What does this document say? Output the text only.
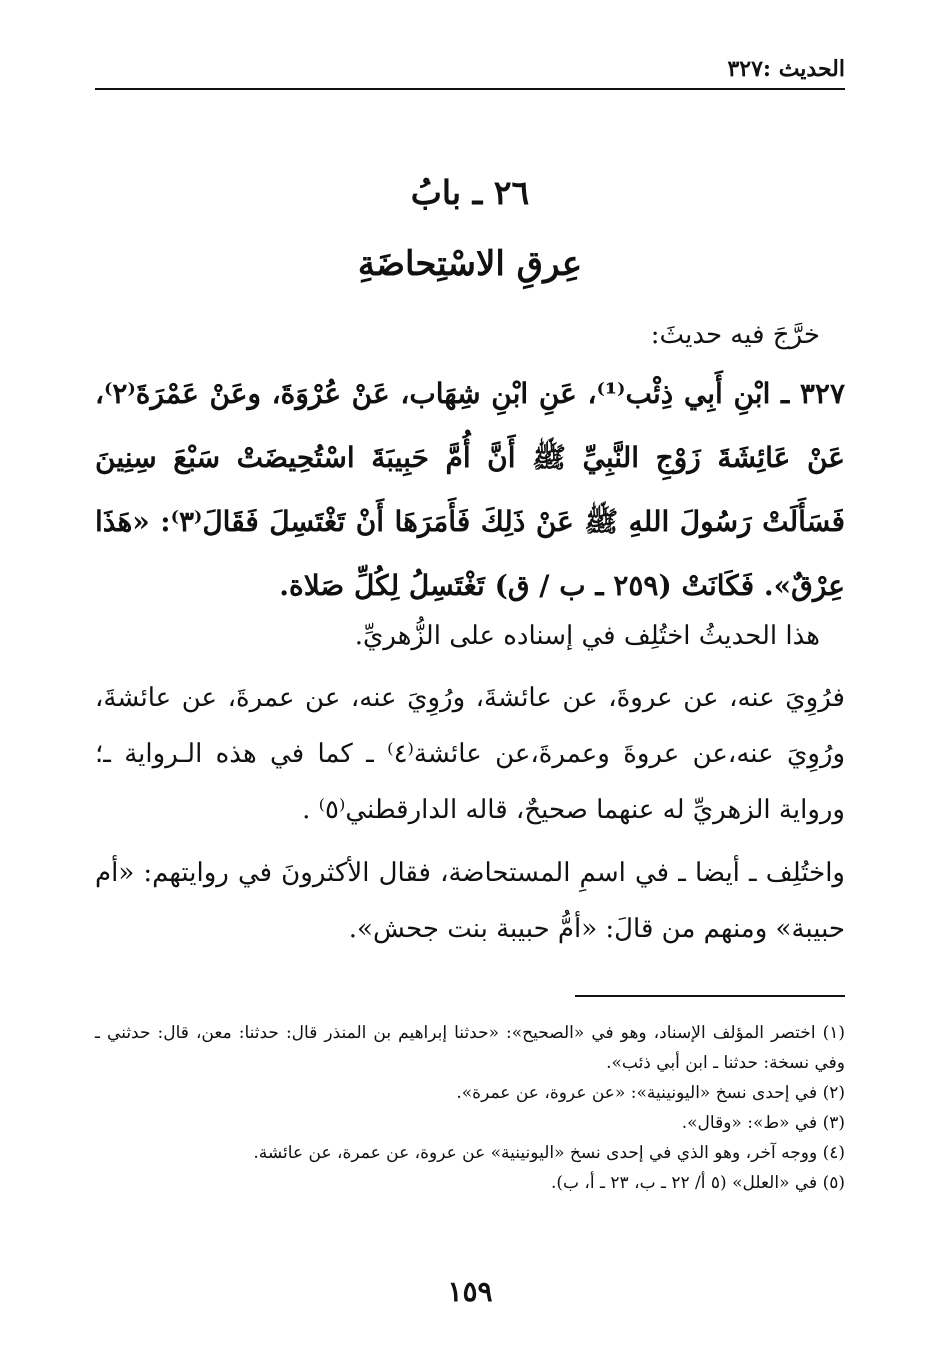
الحديث :٣٢٧
٢٦ ـ بابُ
عِرقِ الاسْتِحاضَةِ
خرَّجَ فيه حديثَ:
٣٢٧ ـ ابْنِ أَبِي ذِئْب⁽¹⁾، عَنِ ابْنِ شِهَاب، عَنْ عُرْوَةَ، وعَنْ عَمْرَةَ⁽٢⁾، عَنْ عَائِشَةَ زَوْجِ النَّبِيِّ ﷺ أَنَّ أُمَّ حَبِيبَةَ اسْتُحِيضَتْ سَبْعَ سِنِينَ فَسَأَلَتْ رَسُولَ اللهِ ﷺ عَنْ ذَلِكَ فَأَمَرَهَا أَنْ تَغْتَسِلَ فَقَالَ⁽٣⁾: «هَذَا عِرْقٌ». فَكَانَتْ (٢٥٩ ـ ب / ق) تَغْتَسِلُ لِكُلِّ صَلاة.
هذا الحديثُ اختُلِف في إسناده على الزُّهريِّ.
فرُوِيَ عنه، عن عروةَ، عن عائشةَ، ورُوِيَ عنه، عن عمرةَ، عن عائشةَ، ورُوِيَ عنه،عن عروةَ وعمرةَ،عن عائشة⁽٤⁾ ـ كما في هذه الـرواية ـ؛ ورواية الزهريِّ له عنهما صحيحٌ، قاله الدارقطني⁽٥⁾ .
واختُلِف ـ أيضا ـ في اسمِ المستحاضة، فقال الأكثرونَ في روايتهم: «أم حبيبة» ومنهم من قالَ: «أمُّ حبيبة بنت جحش».
(١) اختصر المؤلف الإسناد، وهو في «الصحيح»: «حدثنا إبراهيم بن المنذر قال: حدثنا: معن، قال: حدثني ـ وفي نسخة: حدثنا ـ ابن أبي ذئب».
(٢) في إحدى نسخ «اليونينية»: «عن عروة، عن عمرة».
(٣) في «ط»: «وقال».
(٤) ووجه آخر، وهو الذي في إحدى نسخ «اليونينية» عن عروة، عن عمرة، عن عائشة.
(٥) في «العلل» (٥ أ/ ٢٢ ـ ب، ٢٣ ـ أ، ب).
١٥٩
